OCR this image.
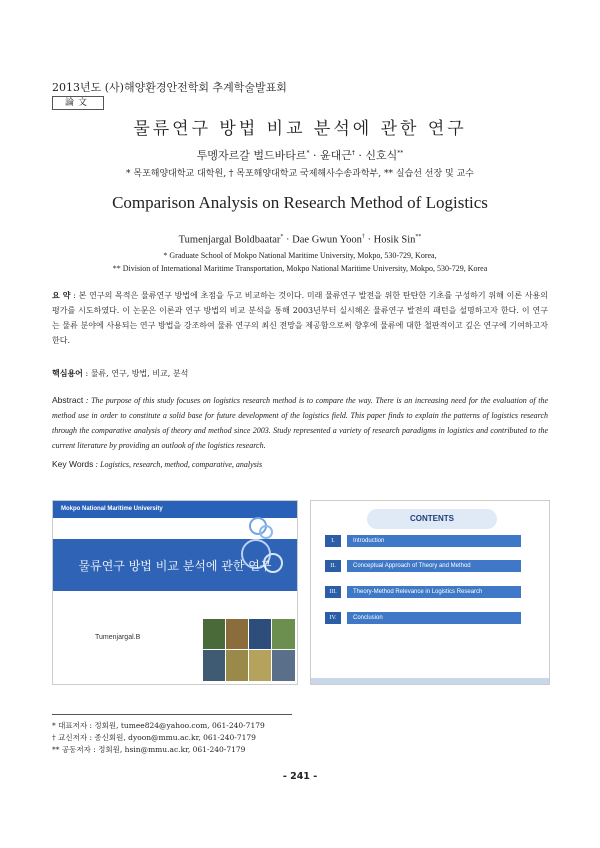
2013년도 (사)해양환경안전학회 추계학술발표회
論文
물류연구 방법 비교 분석에 관한 연구
투멩자르갈 벌드바타르* · 윤대근† · 신호식**
* 목포해양대학교 대학원, † 목포해양대학교 국제해사수송과학부, ** 실습선 선장 및 교수
Comparison Analysis on Research Method of Logistics
Tumenjargal Boldbaatar* · Dae Gwun Yoon† · Hosik Sin**
* Graduate School of Mokpo National Maritime University, Mokpo, 530-729, Korea,
** Division of International Maritime Transportation, Mokpo National Maritime University, Mokpo, 530-729, Korea
요 약 : 본 연구의 목적은 물류연구 방법에 초점을 두고 비교하는 것이다. 미래 물류연구 발전을 위한 탄탄한 기초를 구성하기 위해 이론 사용의 평가를 시도하였다. 이 논문은 이론과 연구 방법의 비교 분석을 통해 2003년부터 실시해온 물류연구 발전의 패턴을 설명하고자 한다. 이 연구는 물류 분야에 사용되는 연구 방법을 강조하여 물류 연구의 최신 전망을 제공함으로써 향후에 물류에 대한 철판적이고 깊은 연구에 기여하고자 한다.
핵심용어 : 물류, 연구, 방법, 비교, 분석
Abstract : The purpose of this study focuses on logistics research method is to compare the way. There is an increasing need for the evaluation of the method use in order to constitute a solid base for future development of the logistics field. This paper finds to explain the patterns of logistics research through the comparative analysis of theory and method since 2003. Study represented a variety of research paradigms in logistics and contributed to the current literature by providing an outlook of the logistics research.
Key Words : Logistics, research, method, comparative, analysis
Mokpo National Maritime University
물류연구 방법 비교 분석에 관한 연구
Tumenjargal.B
CONTENTS
I.	Introduction
II.	Conceptual Approach of Theory and Method
III.	Theory-Method Relevance in Logistics Research
IV.	Conclusion
* 대표저자 : 정회원, tumee824@yahoo.com, 061-240-7179
† 교신저자 : 종신회원, dyoon@mmu.ac.kr, 061-240-7179
** 공동저자 : 정회원, hsin@mmu.ac.kr, 061-240-7179
- 241 -
